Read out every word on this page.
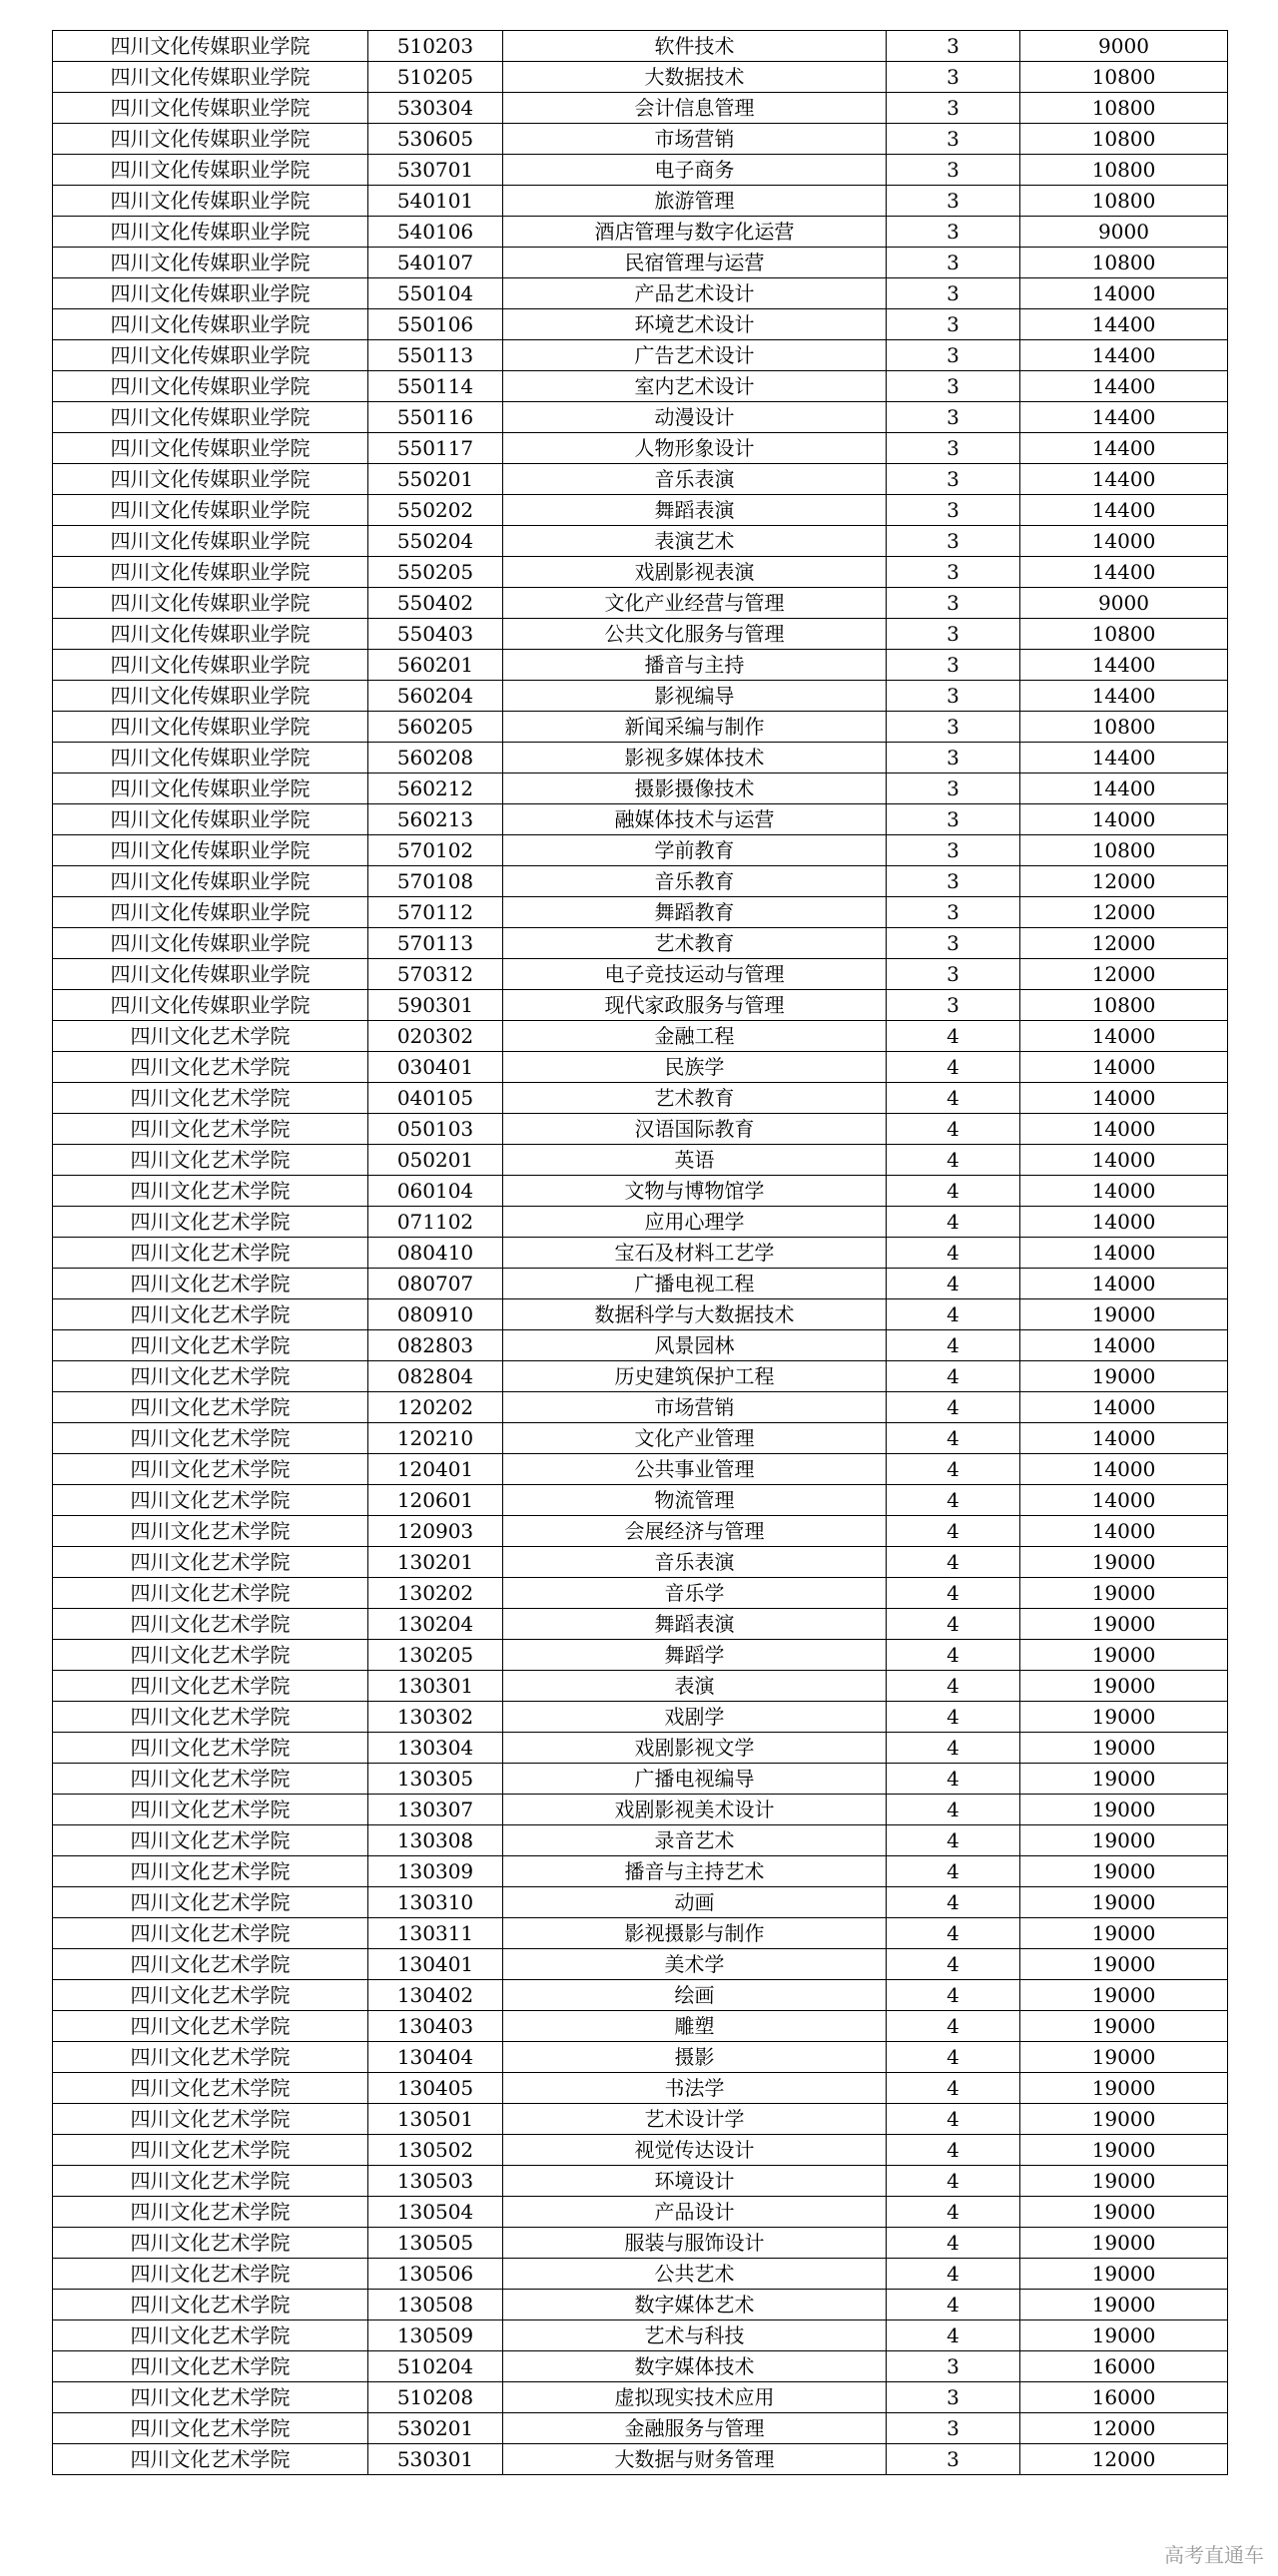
四川文化传媒职业学院	510203	软件技术	3	9000
四川文化传媒职业学院	510205	大数据技术	3	10800
四川文化传媒职业学院	530304	会计信息管理	3	10800
四川文化传媒职业学院	530605	市场营销	3	10800
四川文化传媒职业学院	530701	电子商务	3	10800
四川文化传媒职业学院	540101	旅游管理	3	10800
四川文化传媒职业学院	540106	酒店管理与数字化运营	3	9000
四川文化传媒职业学院	540107	民宿管理与运营	3	10800
四川文化传媒职业学院	550104	产品艺术设计	3	14000
四川文化传媒职业学院	550106	环境艺术设计	3	14400
四川文化传媒职业学院	550113	广告艺术设计	3	14400
四川文化传媒职业学院	550114	室内艺术设计	3	14400
四川文化传媒职业学院	550116	动漫设计	3	14400
四川文化传媒职业学院	550117	人物形象设计	3	14400
四川文化传媒职业学院	550201	音乐表演	3	14400
四川文化传媒职业学院	550202	舞蹈表演	3	14400
四川文化传媒职业学院	550204	表演艺术	3	14000
四川文化传媒职业学院	550205	戏剧影视表演	3	14400
四川文化传媒职业学院	550402	文化产业经营与管理	3	9000
四川文化传媒职业学院	550403	公共文化服务与管理	3	10800
四川文化传媒职业学院	560201	播音与主持	3	14400
四川文化传媒职业学院	560204	影视编导	3	14400
四川文化传媒职业学院	560205	新闻采编与制作	3	10800
四川文化传媒职业学院	560208	影视多媒体技术	3	14400
四川文化传媒职业学院	560212	摄影摄像技术	3	14400
四川文化传媒职业学院	560213	融媒体技术与运营	3	14000
四川文化传媒职业学院	570102	学前教育	3	10800
四川文化传媒职业学院	570108	音乐教育	3	12000
四川文化传媒职业学院	570112	舞蹈教育	3	12000
四川文化传媒职业学院	570113	艺术教育	3	12000
四川文化传媒职业学院	570312	电子竞技运动与管理	3	12000
四川文化传媒职业学院	590301	现代家政服务与管理	3	10800
四川文化艺术学院	020302	金融工程	4	14000
四川文化艺术学院	030401	民族学	4	14000
四川文化艺术学院	040105	艺术教育	4	14000
四川文化艺术学院	050103	汉语国际教育	4	14000
四川文化艺术学院	050201	英语	4	14000
四川文化艺术学院	060104	文物与博物馆学	4	14000
四川文化艺术学院	071102	应用心理学	4	14000
四川文化艺术学院	080410	宝石及材料工艺学	4	14000
四川文化艺术学院	080707	广播电视工程	4	14000
四川文化艺术学院	080910	数据科学与大数据技术	4	19000
四川文化艺术学院	082803	风景园林	4	14000
四川文化艺术学院	082804	历史建筑保护工程	4	19000
四川文化艺术学院	120202	市场营销	4	14000
四川文化艺术学院	120210	文化产业管理	4	14000
四川文化艺术学院	120401	公共事业管理	4	14000
四川文化艺术学院	120601	物流管理	4	14000
四川文化艺术学院	120903	会展经济与管理	4	14000
四川文化艺术学院	130201	音乐表演	4	19000
四川文化艺术学院	130202	音乐学	4	19000
四川文化艺术学院	130204	舞蹈表演	4	19000
四川文化艺术学院	130205	舞蹈学	4	19000
四川文化艺术学院	130301	表演	4	19000
四川文化艺术学院	130302	戏剧学	4	19000
四川文化艺术学院	130304	戏剧影视文学	4	19000
四川文化艺术学院	130305	广播电视编导	4	19000
四川文化艺术学院	130307	戏剧影视美术设计	4	19000
四川文化艺术学院	130308	录音艺术	4	19000
四川文化艺术学院	130309	播音与主持艺术	4	19000
四川文化艺术学院	130310	动画	4	19000
四川文化艺术学院	130311	影视摄影与制作	4	19000
四川文化艺术学院	130401	美术学	4	19000
四川文化艺术学院	130402	绘画	4	19000
四川文化艺术学院	130403	雕塑	4	19000
四川文化艺术学院	130404	摄影	4	19000
四川文化艺术学院	130405	书法学	4	19000
四川文化艺术学院	130501	艺术设计学	4	19000
四川文化艺术学院	130502	视觉传达设计	4	19000
四川文化艺术学院	130503	环境设计	4	19000
四川文化艺术学院	130504	产品设计	4	19000
四川文化艺术学院	130505	服装与服饰设计	4	19000
四川文化艺术学院	130506	公共艺术	4	19000
四川文化艺术学院	130508	数字媒体艺术	4	19000
四川文化艺术学院	130509	艺术与科技	4	19000
四川文化艺术学院	510204	数字媒体技术	3	16000
四川文化艺术学院	510208	虚拟现实技术应用	3	16000
四川文化艺术学院	530201	金融服务与管理	3	12000
四川文化艺术学院	530301	大数据与财务管理	3	12000
高考直通车
